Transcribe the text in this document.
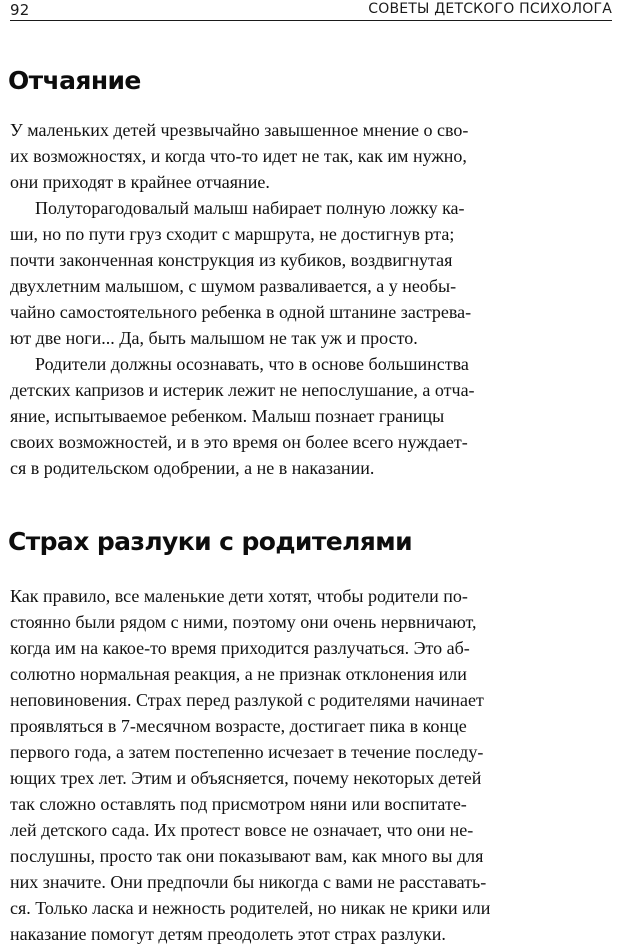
92	СОВЕТЫ ДЕТСКОГО ПСИХОЛОГА
Отчаяние
У маленьких детей чрезвычайно завышенное мнение о сво-
их возможностях, и когда что-то идет не так, как им нужно,
они приходят в крайнее отчаяние.
Полуторагодовалый малыш набирает полную ложку ка-
ши, но по пути груз сходит с маршрута, не достигнув рта;
почти законченная конструкция из кубиков, воздвигнутая
двухлетним малышом, с шумом разваливается, а у необы-
чайно самостоятельного ребенка в одной штанине застрева-
ют две ноги... Да, быть малышом не так уж и просто.
Родители должны осознавать, что в основе большинства
детских капризов и истерик лежит не непослушание, а отча-
яние, испытываемое ребенком. Малыш познает границы
своих возможностей, и в это время он более всего нуждает-
ся в родительском одобрении, а не в наказании.
Страх разлуки с родителями
Как правило, все маленькие дети хотят, чтобы родители по-
стоянно были рядом с ними, поэтому они очень нервничают,
когда им на какое-то время приходится разлучаться. Это аб-
солютно нормальная реакция, а не признак отклонения или
неповиновения. Страх перед разлукой с родителями начинает
проявляться в 7-месячном возрасте, достигает пика в конце
первого года, а затем постепенно исчезает в течение последу-
ющих трех лет. Этим и объясняется, почему некоторых детей
так сложно оставлять под присмотром няни или воспитате-
лей детского сада. Их протест вовсе не означает, что они не-
послушны, просто так они показывают вам, как много вы для
них значите. Они предпочли бы никогда с вами не расставать-
ся. Только ласка и нежность родителей, но никак не крики или
наказание помогут детям преодолеть этот страх разлуки.
